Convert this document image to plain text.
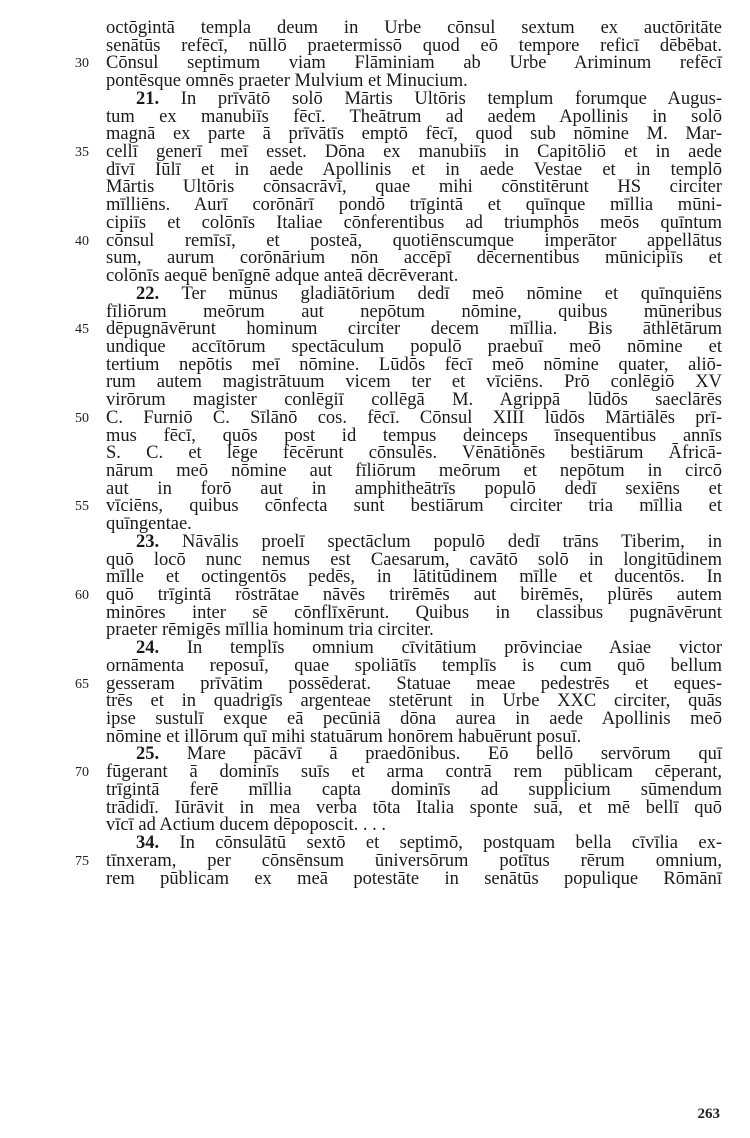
octōgintā templa deum in Urbe cōnsul sextum ex auctōritāte
senātūs refēcī, nūllō praetermissō quod eō tempore reficī dēbēbat.
30 Cōnsul septimum viam Flāminiam ab Urbe Ariminum refēcī
pontēsque omnēs praeter Mulvium et Minucium.
21. In prīvātō solō Mārtis Ultōris templum forumque Augus-
tum ex manubiīs fēcī. Theātrum ad aedem Apollinis in solō
magnā ex parte ā prīvātīs emptō fēcī, quod sub nōmine M. Mar-
35 cellī generī meī esset. Dōna ex manubiīs in Capitōliō et in aede
dīvī Iūlī et in aede Apollinis et in aede Vestae et in templō
Mārtis Ultōris cōnsacrāvī, quae mihi cōnstitērunt HS circiter
mīlliēns. Aurī corōnārī pondō trīgintā et quīnque mīllia mūni-
cipiīs et colōnīs Italiae cōnferentibus ad triumphōs meōs quīntum
40 cōnsul remīsī, et posteā, quotiēnscumque imperātor appellātus
sum, aurum corōnārium nōn accēpī dēcernentibus mūnicipiīs et
colōnīs aequē benīgnē adque anteā dēcrēverant.
22. Ter mūnus gladiātōrium dedī meō nōmine et quīnquiēns
fīliōrum meōrum aut nepōtum nōmine, quibus mūneribus
45 dēpugnāvērunt hominum circiter decem mīllia. Bis āthlētārum
undique accītōrum spectāculum populō praebuī meō nōmine et
tertium nepōtis meī nōmine. Lūdōs fēcī meō nōmine quater, aliō-
rum autem magistrātuum vicem ter et vīciēns. Prō conlēgiō XV
virōrum magister conlēgiī collēgā M. Agrippā lūdōs saeclārēs
50 C. Furniō C. Sīlānō cos. fēcī. Cōnsul XIII lūdōs Mārtiālēs prī-
mus fēcī, quōs post id tempus deinceps īnsequentibus annīs
S. C. et lēge fēcērunt cōnsulēs. Vēnātiōnēs bestiārum Āfricā-
nārum meō nōmine aut fīliōrum meōrum et nepōtum in circō
aut in forō aut in amphitheātrīs populō dedī sexiēns et
55 vīciēns, quibus cōnfecta sunt bestiārum circiter tria mīllia et
quīngentae.
23. Nāvālis proelī spectāclum populō dedī trāns Tiberim, in
quō locō nunc nemus est Caesarum, cavātō solō in longitūdinem
mīlle et octingentōs pedēs, in lātitūdinem mīlle et ducentōs. In
60 quō trīgintā rōstrātae nāvēs trirēmēs aut birēmēs, plūrēs autem
minōres inter sē cōnflīxērunt. Quibus in classibus pugnāvērunt
praeter rēmigēs mīllia hominum tria circiter.
24. In templīs omnium cīvitātium prōvinciae Asiae victor
ornāmenta reposuī, quae spoliātīs templīs is cum quō bellum
65 gesseram prīvātim possēderat. Statuae meae pedestrēs et eques-
trēs et in quadrigīs argenteae stetērunt in Urbe XXC circiter, quās
ipse sustulī exque eā pecūniā dōna aurea in aede Apollinis meō
nōmine et illōrum quī mihi statuārum honōrem habuērunt posuī.
25. Mare pācāvī ā praedōnibus. Eō bellō servōrum quī
70 fūgerant ā dominīs suīs et arma contrā rem pūblicam cēperant,
trīgintā ferē mīllia capta dominīs ad supplicium sūmendum
trādidī. Iūrāvit in mea verba tōta Italia sponte suā, et mē bellī quō
vīcī ad Actium ducem dēpoposcit. . . .
34. In cōnsulātū sextō et septimō, postquam bella cīvīlia ex-
75 tīnxeram, per cōnsēnsum ūniversōrum potītus rērum omnium,
rem pūblicam ex meā potestāte in senātūs populique Rōmānī
263
